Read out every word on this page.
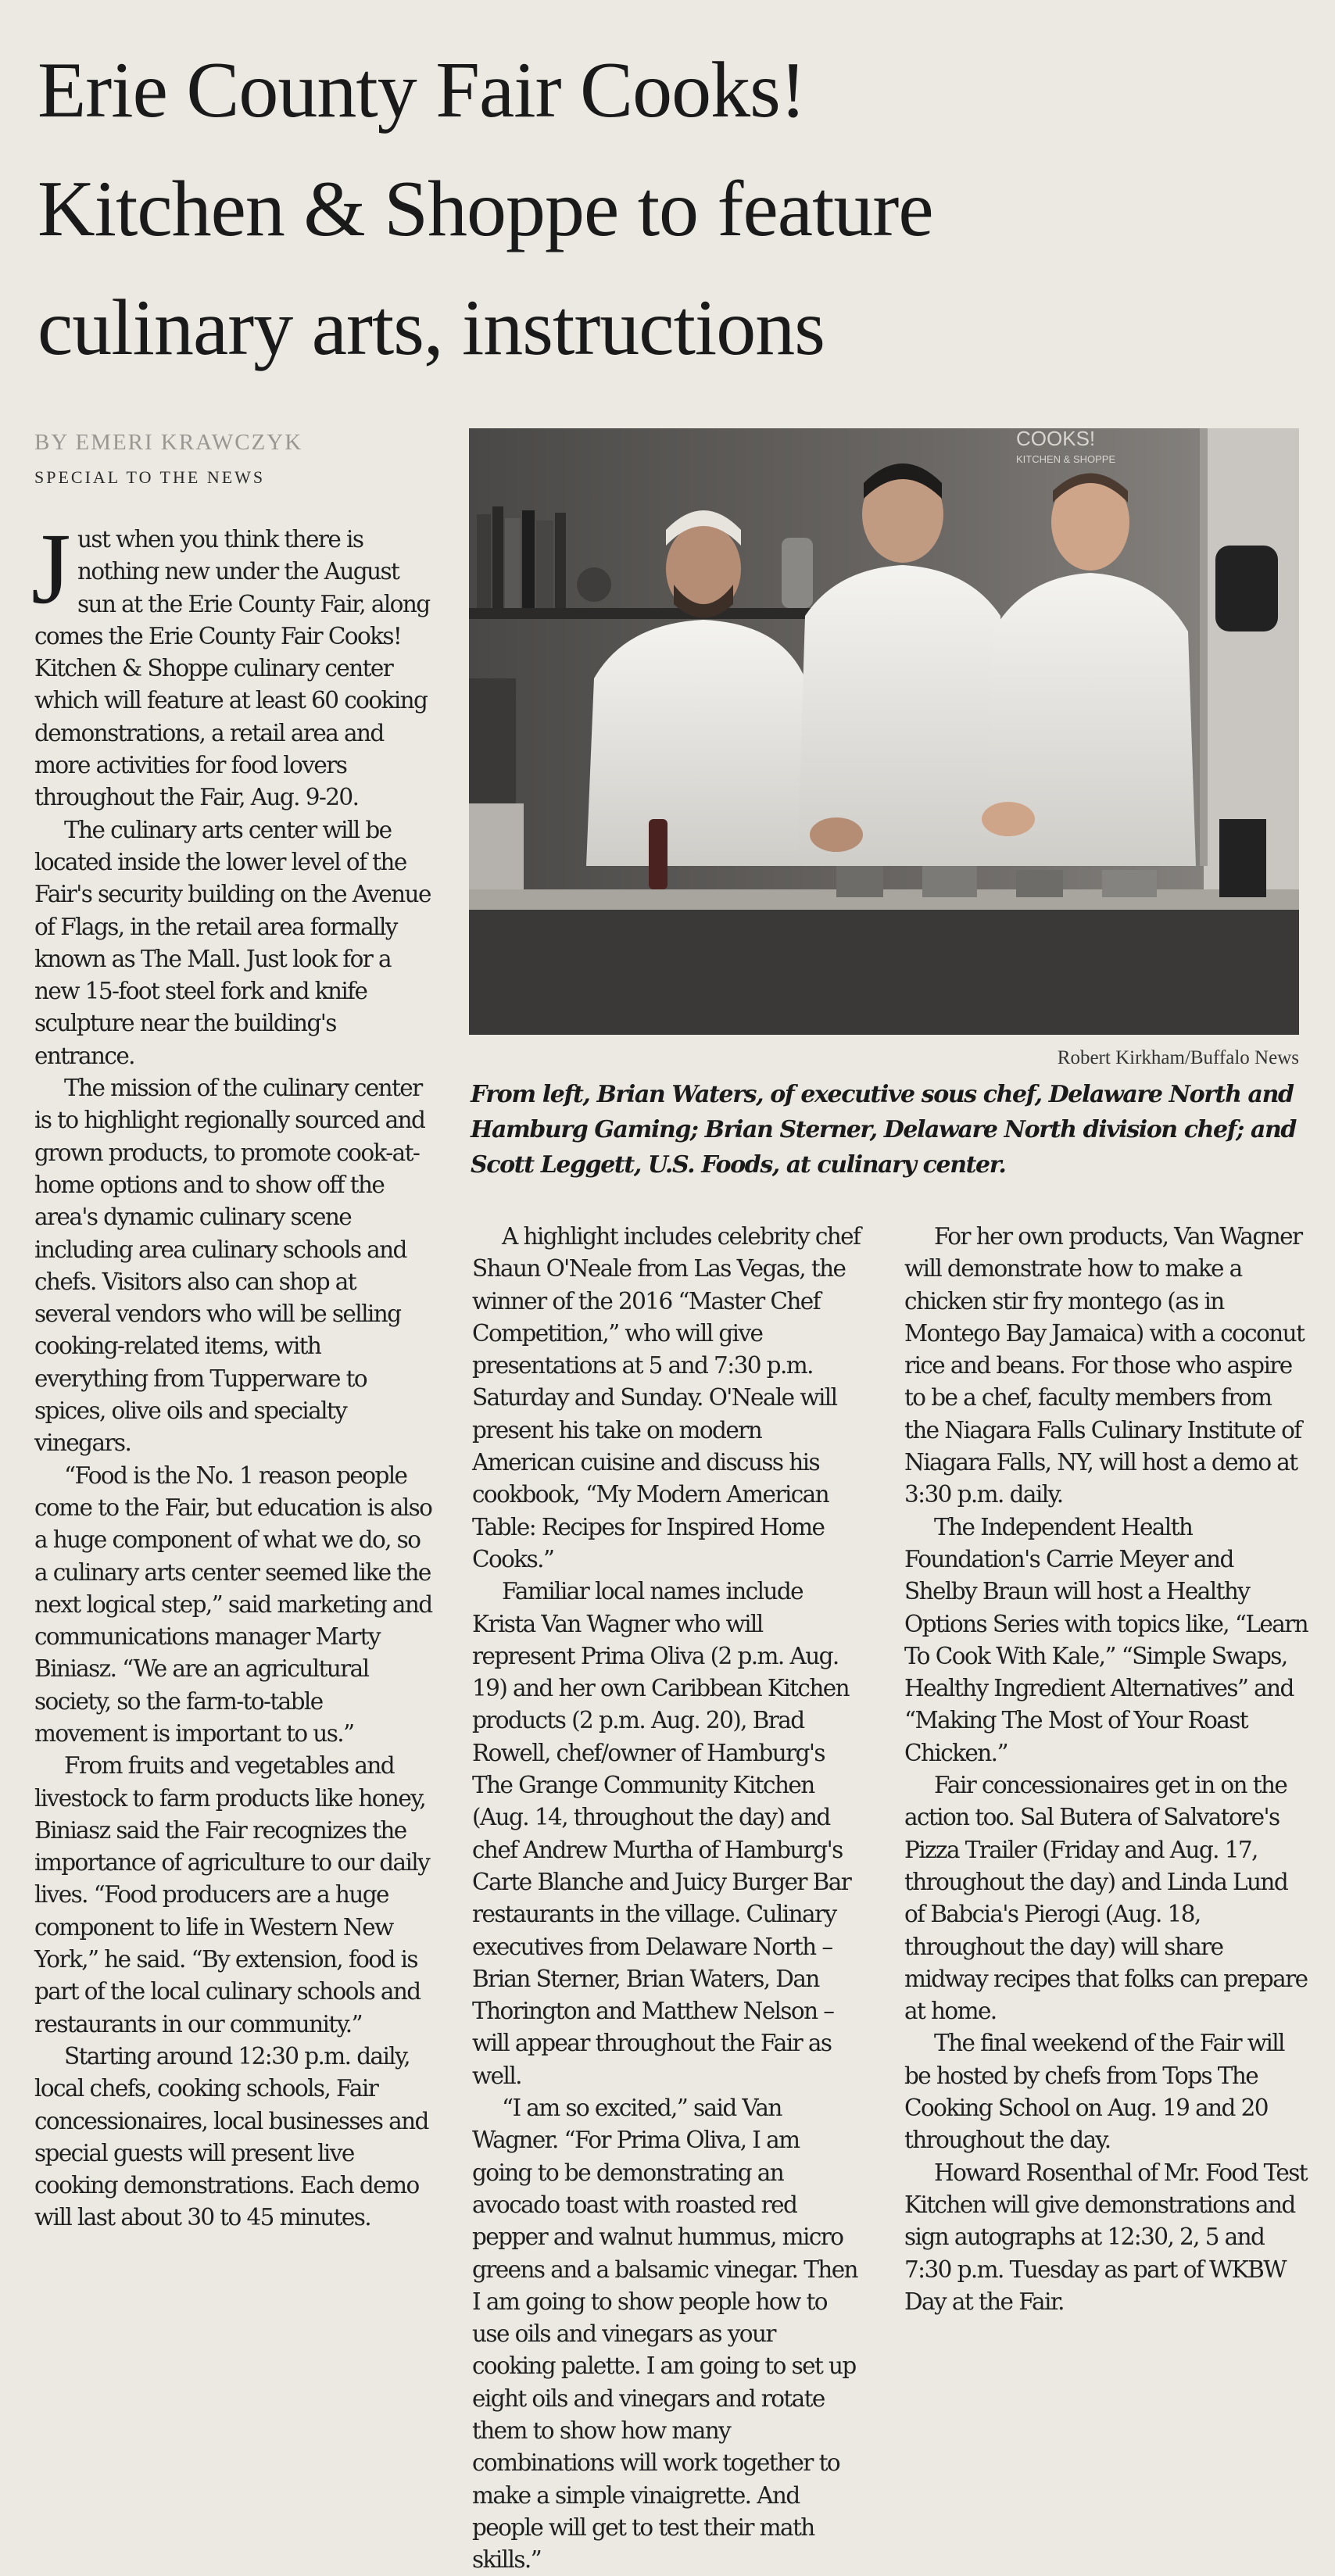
Erie County Fair Cooks!
Kitchen & Shoppe to feature
culinary arts, instructions
BY EMERI KRAWCZYK
SPECIAL TO THE NEWS
COOKS!
KITCHEN & SHOPPE
Robert Kirkham/Buffalo News
From left, Brian Waters, of executive sous chef, Delaware North and Hamburg Gaming; Brian Sterner, Delaware North division chef; and Scott Leggett, U.S. Foods, at culinary center.

Just when you think there is nothing new under the August sun at the Erie County Fair, along comes the Erie County Fair Cooks! Kitchen & Shoppe culinary center which will feature at least 60 cooking demonstrations, a retail area and more activities for food lovers throughout the Fair, Aug. 9-20.

The culinary arts center will be located inside the lower level of the Fair's security building on the Avenue of Flags, in the retail area formally known as The Mall. Just look for a new 15-foot steel fork and knife sculpture near the building's entrance.

The mission of the culinary center is to highlight regionally sourced and grown products, to promote cook-at-home options and to show off the area's dynamic culinary scene including area culinary schools and chefs. Visitors also can shop at several vendors who will be selling cooking-related items, with everything from Tupperware to spices, olive oils and specialty vinegars.

“Food is the No. 1 reason people come to the Fair, but education is also a huge component of what we do, so a culinary arts center seemed like the next logical step,” said marketing and communications manager Marty Biniasz. “We are an agricultural society, so the farm-to-table movement is important to us.”

From fruits and vegetables and livestock to farm products like honey, Biniasz said the Fair recognizes the importance of agriculture to our daily lives. “Food producers are a huge component to life in Western New York,” he said. “By extension, food is part of the local culinary schools and restaurants in our community.”

Starting around 12:30 p.m. daily, local chefs, cooking schools, Fair concessionaires, local businesses and special guests will present live cooking demonstrations. Each demo will last about 30 to 45 minutes.

A highlight includes celebrity chef Shaun O'Neale from Las Vegas, the winner of the 2016 “Master Chef Competition,” who will give presentations at 5 and 7:30 p.m. Saturday and Sunday. O'Neale will present his take on modern American cuisine and discuss his cookbook, “My Modern American Table: Recipes for Inspired Home Cooks.”

Familiar local names include Krista Van Wagner who will represent Prima Oliva (2 p.m. Aug. 19) and her own Caribbean Kitchen products (2 p.m. Aug. 20), Brad Rowell, chef/owner of Hamburg's The Grange Community Kitchen (Aug. 14, throughout the day) and chef Andrew Murtha of Hamburg's Carte Blanche and Juicy Burger Bar restaurants in the village. Culinary executives from Delaware North – Brian Sterner, Brian Waters, Dan Thorington and Matthew Nelson – will appear throughout the Fair as well.

“I am so excited,” said Van Wagner. “For Prima Oliva, I am going to be demonstrating an avocado toast with roasted red pepper and walnut hummus, micro greens and a balsamic vinegar. Then I am going to show people how to use oils and vinegars as your cooking palette. I am going to set up eight oils and vinegars and rotate them to show how many combinations will work together to make a simple vinaigrette. And people will get to test their math skills.”

For her own products, Van Wagner will demonstrate how to make a chicken stir fry montego (as in Montego Bay Jamaica) with a coconut rice and beans. For those who aspire to be a chef, faculty members from the Niagara Falls Culinary Institute of Niagara Falls, NY, will host a demo at 3:30 p.m. daily.

The Independent Health Foundation's Carrie Meyer and Shelby Braun will host a Healthy Options Series with topics like, “Learn To Cook With Kale,” “Simple Swaps, Healthy Ingredient Alternatives” and “Making The Most of Your Roast Chicken.”

Fair concessionaires get in on the action too. Sal Butera of Salvatore's Pizza Trailer (Friday and Aug. 17, throughout the day) and Linda Lund of Babcia's Pierogi (Aug. 18, throughout the day) will share midway recipes that folks can prepare at home.

The final weekend of the Fair will be hosted by chefs from Tops The Cooking School on Aug. 19 and 20 throughout the day.

Howard Rosenthal of Mr. Food Test Kitchen will give demonstrations and sign autographs at 12:30, 2, 5 and 7:30 p.m. Tuesday as part of WKBW Day at the Fair.
